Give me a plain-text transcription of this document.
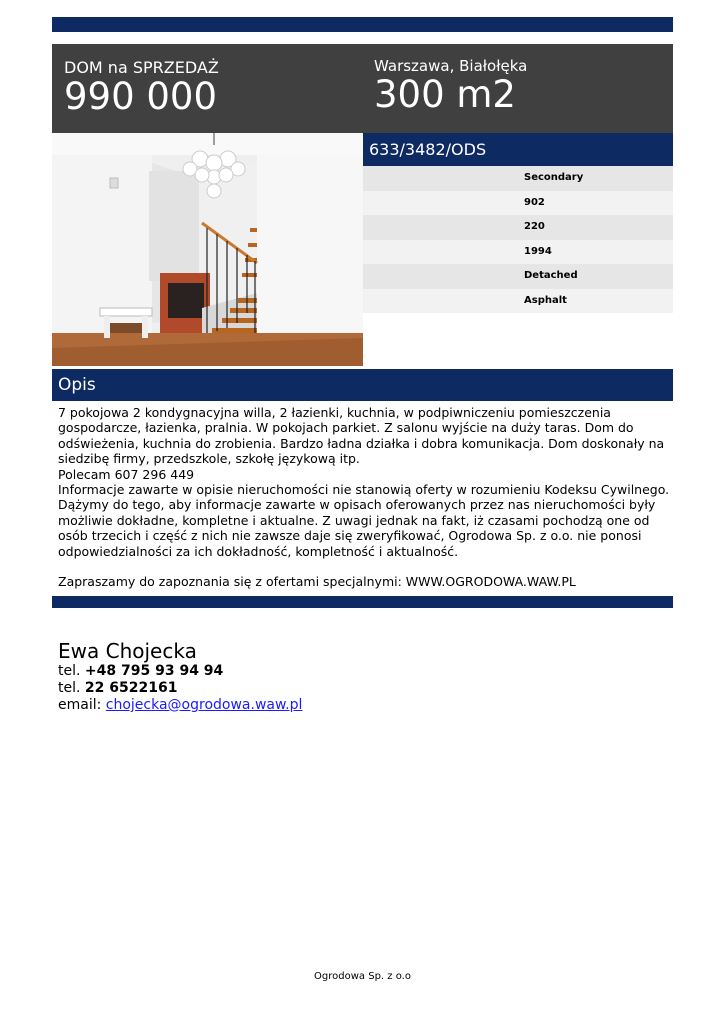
DOM na SPRZEDAŻ
990 000
Warszawa, Białołęka
300 m2
633/3482/ODS
Secondary
902
220
1994
Detached
Asphalt
Opis

7 pokojowa 2 kondygnacyjna willa, 2 łazienki, kuchnia, w podpiwniczeniu pomieszczenia gospodarcze, łazienka, pralnia. W pokojach parkiet. Z salonu wyjście na duży taras. Dom do odświeżenia, kuchnia do zrobienia. Bardzo ładna działka i dobra komunikacja. Dom doskonały na siedzibę firmy, przedszkole, szkołę językową itp.

Polecam 607 296 449

Informacje zawarte w opisie nieruchomości nie stanowią oferty w rozumieniu Kodeksu Cywilnego. Dążymy do tego, aby informacje zawarte w opisach oferowanych przez nas nieruchomości były możliwie dokładne, kompletne i aktualne. Z uwagi jednak na fakt, iż czasami pochodzą one od osób trzecich i część z nich nie zawsze daje się zweryfikować, Ogrodowa Sp. z o.o. nie ponosi odpowiedzialności za ich dokładność, kompletność i aktualność.

Zapraszamy do zapoznania się z ofertami specjalnymi: WWW.OGRODOWA.WAW.PL

Ewa Chojecka
tel. +48 795 93 94 94
tel. 22 6522161
email: chojecka@ogrodowa.waw.pl
Ogrodowa Sp. z o.o
